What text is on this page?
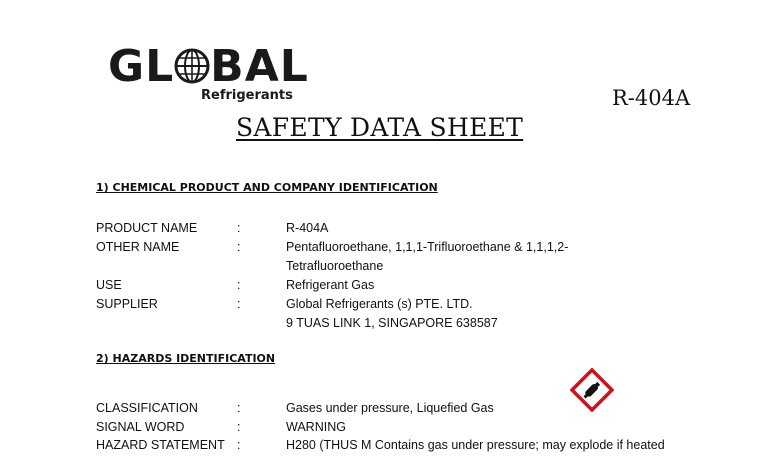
GL BAL
Refrigerants	R-404A
SAFETY DATA SHEET
1) CHEMICAL PRODUCT AND COMPANY IDENTIFICATION
PRODUCT NAME	:	R-404A
OTHER NAME	:	Pentafluoroethane, 1,1,1-Trifluoroethane & 1,1,1,2-
Tetrafluoroethane
USE	:	Refrigerant Gas
SUPPLIER	:	Global Refrigerants (s) PTE. LTD.
9 TUAS LINK 1, SINGAPORE 638587
2) HAZARDS IDENTIFICATION
CLASSIFICATION	:	Gases under pressure, Liquefied Gas
SIGNAL WORD	:	WARNING
HAZARD STATEMENT :	H280 (THUS M Contains gas under pressure; may explode if heated
